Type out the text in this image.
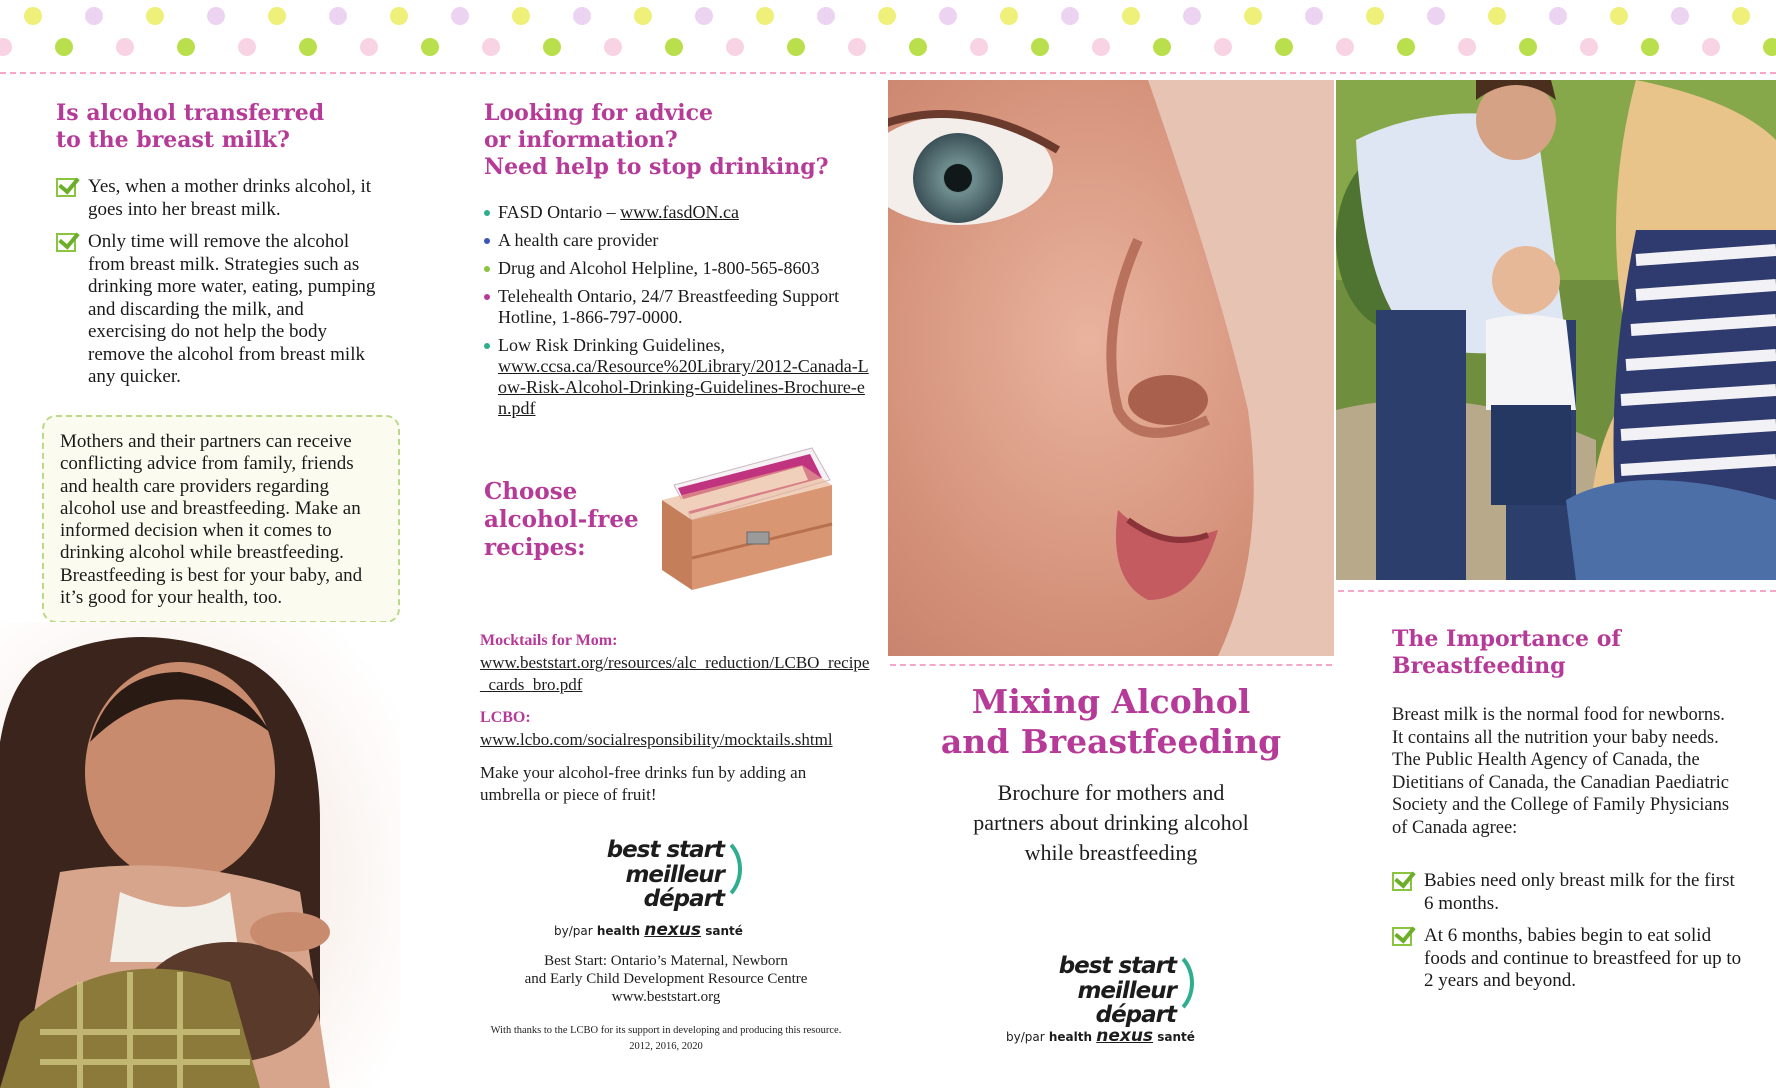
Is alcohol transferred
to the breast milk?
Yes, when a mother drinks alcohol, it goes into her breast milk.
Only time will remove the alcohol from breast milk. Strategies such as drinking more water, eating, pumping and discarding the milk, and exercising do not help the body remove the alcohol from breast milk any quicker.
Mothers and their partners can receive conflicting advice from family, friends and health care providers regarding alcohol use and breastfeeding. Make an informed decision when it comes to drinking alcohol while breastfeeding. Breastfeeding is best for your baby, and it’s good for your health, too.
Looking for advice
or information?
Need help to stop drinking?
FASD Ontario – www.fasdON.ca
A health care provider
Drug and Alcohol Helpline, 1-800-565-8603
Telehealth Ontario, 24/7 Breastfeeding Support Hotline, 1-866-797-0000.
Low Risk Drinking Guidelines,
www.ccsa.ca/Resource%20Library/2012-Canada-Low-Risk-Alcohol-Drinking-Guidelines-Brochure-en.pdf
Choose
alcohol-free
recipes:
Mocktails for Mom:
www.beststart.org/resources/alc_reduction/LCBO_recipe_cards_bro.pdf
LCBO: www.lcbo.com/socialresponsibility/mocktails.shtml
Make your alcohol-free drinks fun by adding an umbrella or piece of fruit!
best start
meilleur départ
by/par health nexus santé
Best Start: Ontario’s Maternal, Newborn
and Early Child Development Resource Centre
www.beststart.org
With thanks to the LCBO for its support in developing and producing this resource.
2012, 2016, 2020
Mixing Alcohol
and Breastfeeding
Brochure for mothers and
partners about drinking alcohol
while breastfeeding
best start
meilleur départ
by/par health nexus santé
The Importance of
Breastfeeding
Breast milk is the normal food for newborns. It contains all the nutrition your baby needs. The Public Health Agency of Canada, the Dietitians of Canada, the Canadian Paediatric Society and the College of Family Physicians of Canada agree:
Babies need only breast milk for the first 6 months.
At 6 months, babies begin to eat solid foods and continue to breastfeed for up to 2 years and beyond.
